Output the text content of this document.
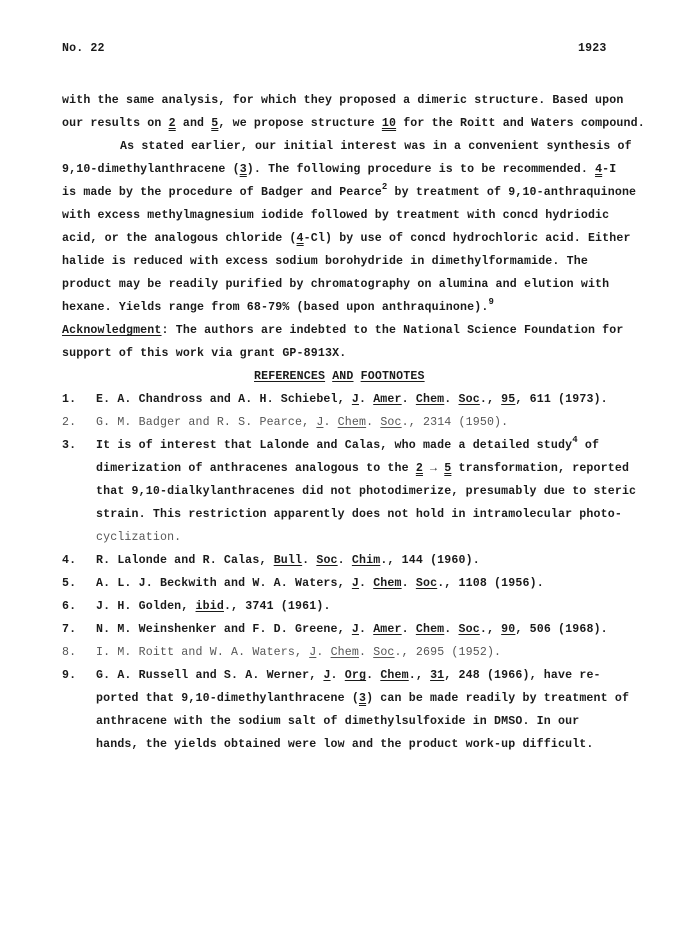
No. 22	1923
with the same analysis, for which they proposed a dimeric structure. Based upon
our results on 2 and 5, we propose structure 10 for the Roitt and Waters compound.
As stated earlier, our initial interest was in a convenient synthesis of
9,10-dimethylanthracene (3). The following procedure is to be recommended. 4-I
is made by the procedure of Badger and Pearce$^2$ by treatment of 9,10-anthraquinone
with excess methylmagnesium iodide followed by treatment with concd hydriodic
acid, or the analogous chloride (4-Cl) by use of concd hydrochloric acid. Either
halide is reduced with excess sodium borohydride in dimethylformamide. The
product may be readily purified by chromatography on alumina and elution with
hexane. Yields range from 68-79% (based upon anthraquinone).$^9$
Acknowledgment: The authors are indebted to the National Science Foundation for
support of this work via grant GP-8913X.
REFERENCES AND FOOTNOTES
1. E. A. Chandross and A. H. Schiebel, J. Amer. Chem. Soc., 95, 611 (1973).
2. G. M. Badger and R. S. Pearce, J. Chem. Soc., 2314 (1950).
3. It is of interest that Lalonde and Calas, who made a detailed study$^4$ of
dimerization of anthracenes analogous to the 2 → 5 transformation, reported
that 9,10-dialkylanthracenes did not photodimerize, presumably due to steric
strain. This restriction apparently does not hold in intramolecular photo-
cyclization.
4. R. Lalonde and R. Calas, Bull. Soc. Chim., 144 (1960).
5. A. L. J. Beckwith and W. A. Waters, J. Chem. Soc., 1108 (1956).
6. J. H. Golden, ibid., 3741 (1961).
7. N. M. Weinshenker and F. D. Greene, J. Amer. Chem. Soc., 90, 506 (1968).
8. I. M. Roitt and W. A. Waters, J. Chem. Soc., 2695 (1952).
9. G. A. Russell and S. A. Werner, J. Org. Chem., 31, 248 (1966), have re-
ported that 9,10-dimethylanthracene (3) can be made readily by treatment of
anthracene with the sodium salt of dimethylsulfoxide in DMSO. In our
hands, the yields obtained were low and the product work-up difficult.
